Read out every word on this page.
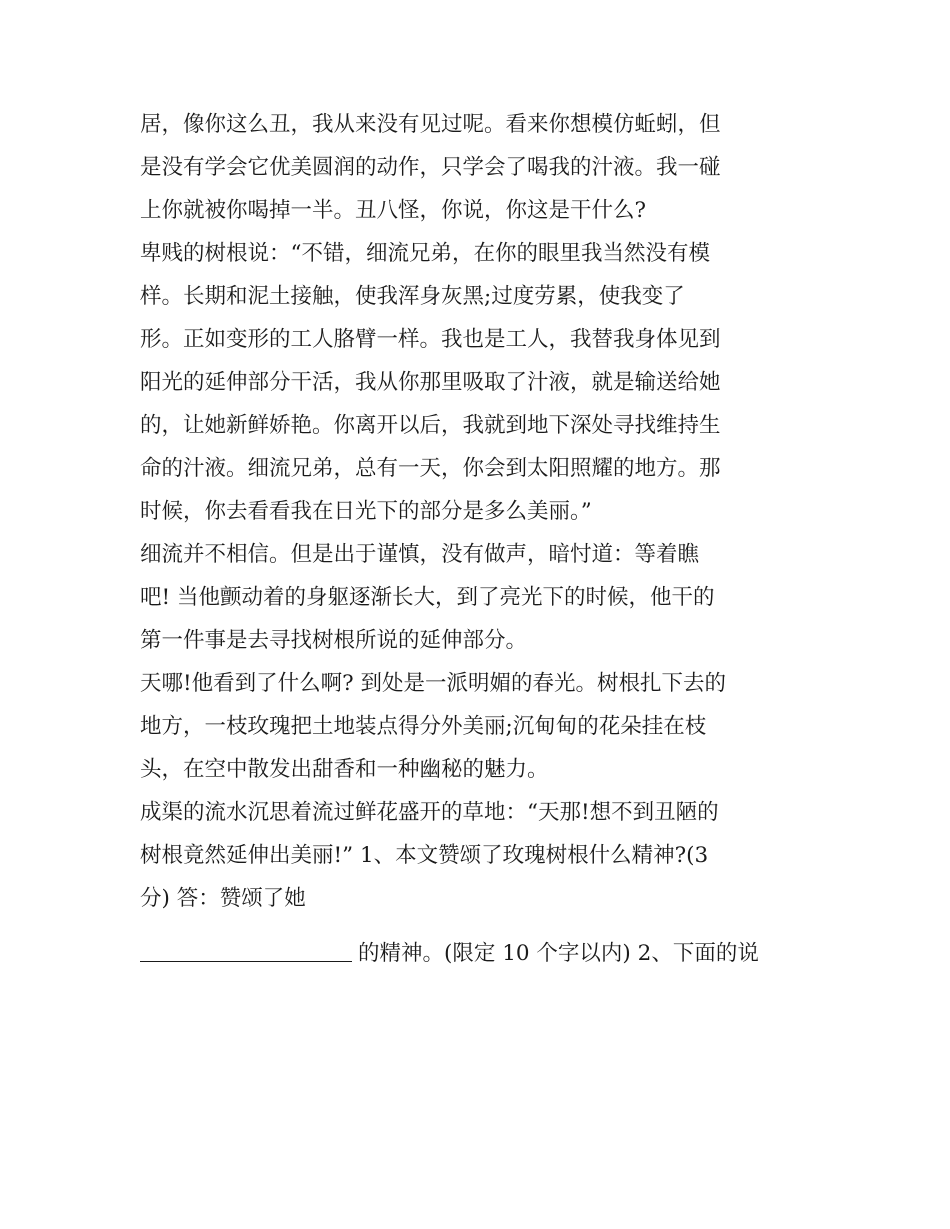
居，像你这么丑，我从来没有见过呢。看来你想模仿蚯蚓，但
是没有学会它优美圆润的动作，只学会了喝我的汁液。我一碰
上你就被你喝掉一半。丑八怪，你说，你这是干什么?
卑贱的树根说：“不错，细流兄弟，在你的眼里我当然没有模
样。长期和泥土接触，使我浑身灰黑;过度劳累，使我变了
形。正如变形的工人胳臂一样。我也是工人，我替我身体见到
阳光的延伸部分干活，我从你那里吸取了汁液，就是输送给她
的，让她新鲜娇艳。你离开以后，我就到地下深处寻找维持生
命的汁液。细流兄弟，总有一天，你会到太阳照耀的地方。那
时候，你去看看我在日光下的部分是多么美丽。”
细流并不相信。但是出于谨慎，没有做声，暗忖道：等着瞧
吧! 当他颤动着的身躯逐渐长大，到了亮光下的时候，他干的
第一件事是去寻找树根所说的延伸部分。
天哪!他看到了什么啊? 到处是一派明媚的春光。树根扎下去的
地方，一枝玫瑰把土地装点得分外美丽;沉甸甸的花朵挂在枝
头，在空中散发出甜香和一种幽秘的魅力。
成渠的流水沉思着流过鲜花盛开的草地：“天那!想不到丑陋的
树根竟然延伸出美丽!” 1、本文赞颂了玫瑰树根什么精神?(3
分) 答：赞颂了她
的精神。(限定 10 个字以内) 2、下面的说
